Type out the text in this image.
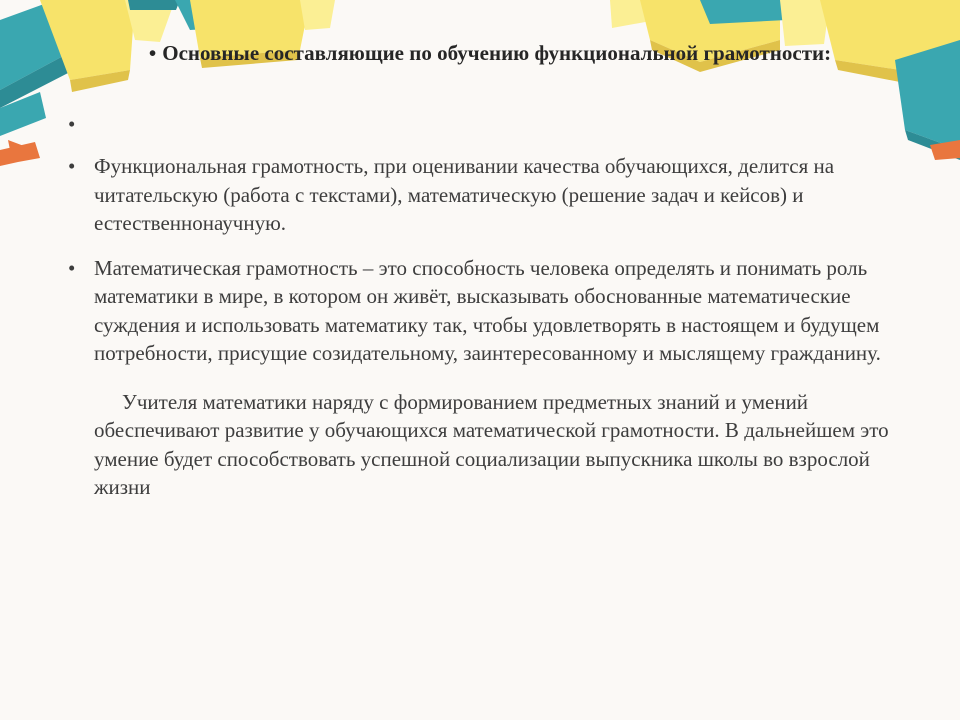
• Основные составляющие по обучению функциональной грамотности:
•
• Функциональная грамотность, при оценивании качества обучающихся, делится на читательскую (работа с текстами), математическую (решение задач и кейсов) и естественнонаучную.
• Математическая грамотность – это способность человека определять и понимать роль математики в мире, в котором он живёт, высказывать обоснованные математические суждения и использовать математику так, чтобы удовлетворять в настоящем и будущем потребности, присущие созидательному, заинтересованному и мыслящему гражданину.
Учителя математики наряду с формированием предметных знаний и умений обеспечивают развитие у обучающихся математической грамотности. В дальнейшем это умение будет способствовать успешной социализации выпускника школы во взрослой жизни
